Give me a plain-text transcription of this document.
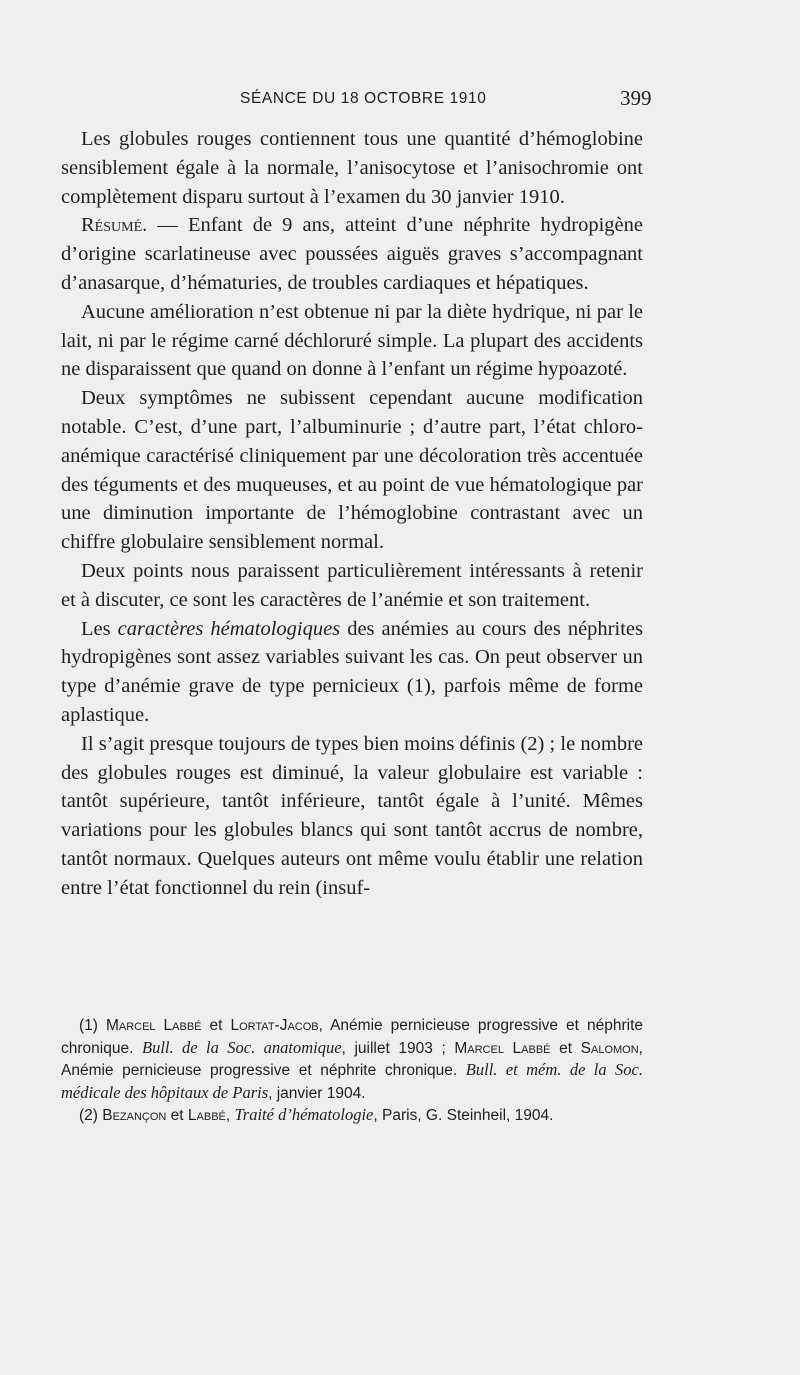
SÉANCE DU 18 OCTOBRE 1910	399

Les globules rouges contiennent tous une quantité d’hémoglobine sensiblement égale à la normale, l’anisocytose et l’anisochromie ont complètement disparu surtout à l’examen du 30 janvier 1910.

Résumé. — Enfant de 9 ans, atteint d’une néphrite hydropigène d’origine scarlatineuse avec poussées aiguës graves s’accompagnant d’anasarque, d’hématuries, de troubles cardiaques et hépatiques.

Aucune amélioration n’est obtenue ni par la diète hydrique, ni par le lait, ni par le régime carné déchloruré simple. La plupart des accidents ne disparaissent que quand on donne à l’enfant un régime hypoazoté.

Deux symptômes ne subissent cependant aucune modification notable. C’est, d’une part, l’albuminurie ; d’autre part, l’état chloro-anémique caractérisé cliniquement par une décoloration très accentuée des téguments et des muqueuses, et au point de vue hématologique par une diminution importante de l’hémoglobine contrastant avec un chiffre globulaire sensiblement normal.

Deux points nous paraissent particulièrement intéressants à retenir et à discuter, ce sont les caractères de l’anémie et son traitement.

Les caractères hématologiques des anémies au cours des néphrites hydropigènes sont assez variables suivant les cas. On peut observer un type d’anémie grave de type pernicieux (1), parfois même de forme aplastique.

Il s’agit presque toujours de types bien moins définis (2) ; le nombre des globules rouges est diminué, la valeur globulaire est variable : tantôt supérieure, tantôt inférieure, tantôt égale à l’unité. Mêmes variations pour les globules blancs qui sont tantôt accrus de nombre, tantôt normaux. Quelques auteurs ont même voulu établir une relation entre l’état fonctionnel du rein (insuf-

(1) Marcel Labbé et Lortat-Jacob, Anémie pernicieuse progressive et néphrite chronique. Bull. de la Soc. anatomique, juillet 1903 ; Marcel Labbé et Salomon, Anémie pernicieuse progressive et néphrite chronique. Bull. et mém. de la Soc. médicale des hôpitaux de Paris, janvier 1904.

(2) Bezançon et Labbé, Traité d’hématologie, Paris, G. Steinheil, 1904.
